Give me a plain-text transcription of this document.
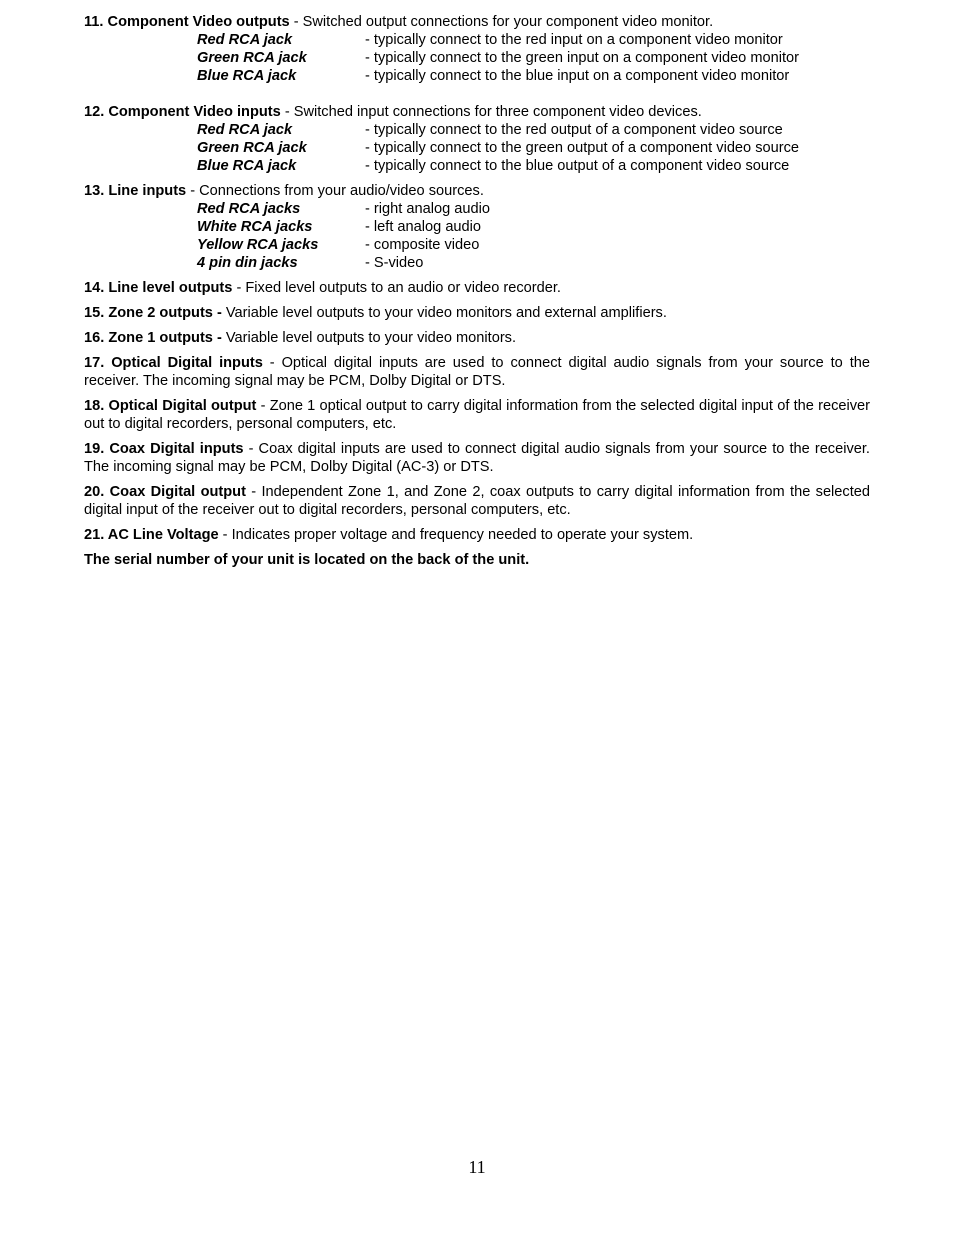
11. Component Video outputs - Switched output connections for your component video monitor.

Red RCA jack	- typically connect to the red input on a component video monitor
Green RCA jack	- typically connect to the green input on a component video monitor
Blue RCA jack	- typically connect to the blue input on a component video monitor

12. Component Video inputs - Switched input connections for three component video devices.

Red RCA jack	- typically connect to the red output of a component video source
Green RCA jack	- typically connect to the green output of a component video source
Blue RCA jack	- typically connect to the blue output of a component video source

13. Line inputs - Connections from your audio/video sources.

Red RCA jacks	- right analog audio
White RCA jacks	- left analog audio
Yellow RCA jacks	- composite video
4 pin din jacks	- S-video

14. Line level outputs - Fixed level outputs to an audio or video recorder.

15. Zone 2 outputs - Variable level outputs to your video monitors and external amplifiers.

16. Zone 1 outputs - Variable level outputs to your video monitors.

17. Optical Digital inputs - Optical digital inputs are used to connect digital audio signals from your source to the receiver. The incoming signal may be PCM, Dolby Digital or DTS.

18. Optical Digital output - Zone 1 optical output to carry digital information from the selected digital input of the receiver out to digital recorders, personal computers, etc.

19. Coax Digital inputs - Coax digital inputs are used to connect digital audio signals from your source to the receiver. The incoming signal may be PCM, Dolby Digital (AC-3) or DTS.

20. Coax Digital output - Independent Zone 1, and Zone 2, coax outputs to carry digital information from the selected digital input of the receiver out to digital recorders, personal computers, etc.

21. AC Line Voltage - Indicates proper voltage and frequency needed to operate your system.

The serial number of your unit is located on the back of the unit.

11
